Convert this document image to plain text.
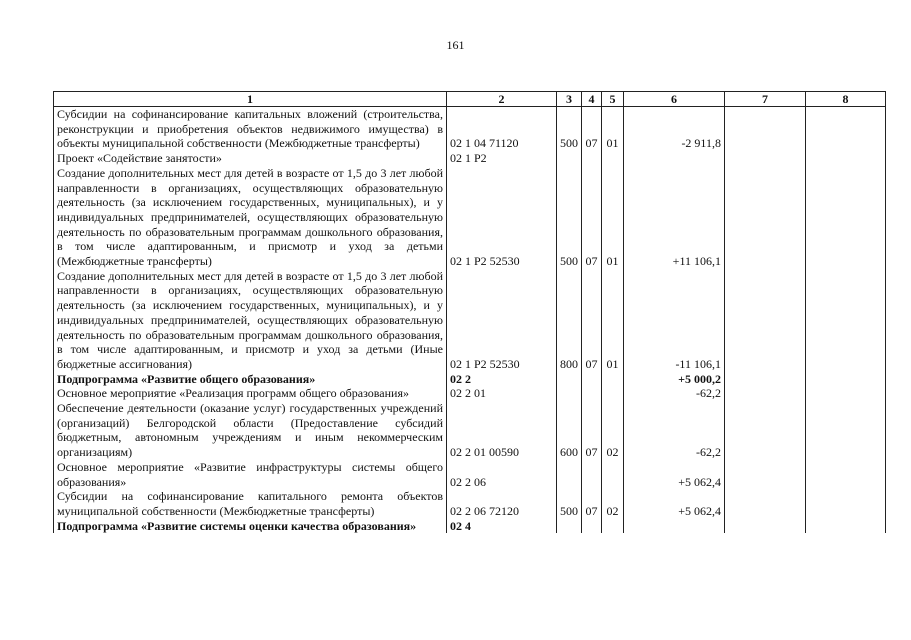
161
1	2	3	4	5	6	7	8
Субсидии на софинансирование капитальных вложений (строительства, реконструкции и приобретения объектов недвижимого имущества) в объекты муниципальной собственности (Межбюджетные трансферты)	02 1 04 71120	500	07	01	-2 911,8		
Проект «Содействие занятости»	02 1 P2						
Создание дополнительных мест для детей в возрасте от 1,5 до 3 лет любой направленности в организациях, осуществляющих образовательную деятельность (за исключением государственных, муниципальных), и у индивидуальных предпринимателей, осуществляющих образовательную деятельность по образовательным программам дошкольного образования, в том числе адаптированным, и присмотр и уход за детьми (Межбюджетные трансферты)	02 1 P2 52530	500	07	01	+11 106,1		
Создание дополнительных мест для детей в возрасте от 1,5 до 3 лет любой направленности в организациях, осуществляющих образовательную деятельность (за исключением государственных, муниципальных), и у индивидуальных предпринимателей, осуществляющих образовательную деятельность по образовательным программам дошкольного образования, в том числе адаптированным, и присмотр и уход за детьми (Иные бюджетные ассигнования)	02 1 P2 52530	800	07	01	-11 106,1		
Подпрограмма «Развитие общего образования»	02 2				+5 000,2		
Основное мероприятие «Реализация программ общего образования»	02 2 01				-62,2		
Обеспечение деятельности (оказание услуг) государственных учреждений (организаций) Белгородской области (Предоставление субсидий бюджетным, автономным учреждениям и иным некоммерческим организациям)	02 2 01 00590	600	07	02	-62,2		
Основное мероприятие «Развитие инфраструктуры системы общего образования»	02 2 06				+5 062,4		
Субсидии на софинансирование капитального ремонта объектов муниципальной собственности (Межбюджетные трансферты)	02 2 06 72120	500	07	02	+5 062,4		
Подпрограмма «Развитие системы оценки качества образования»	02 4						
